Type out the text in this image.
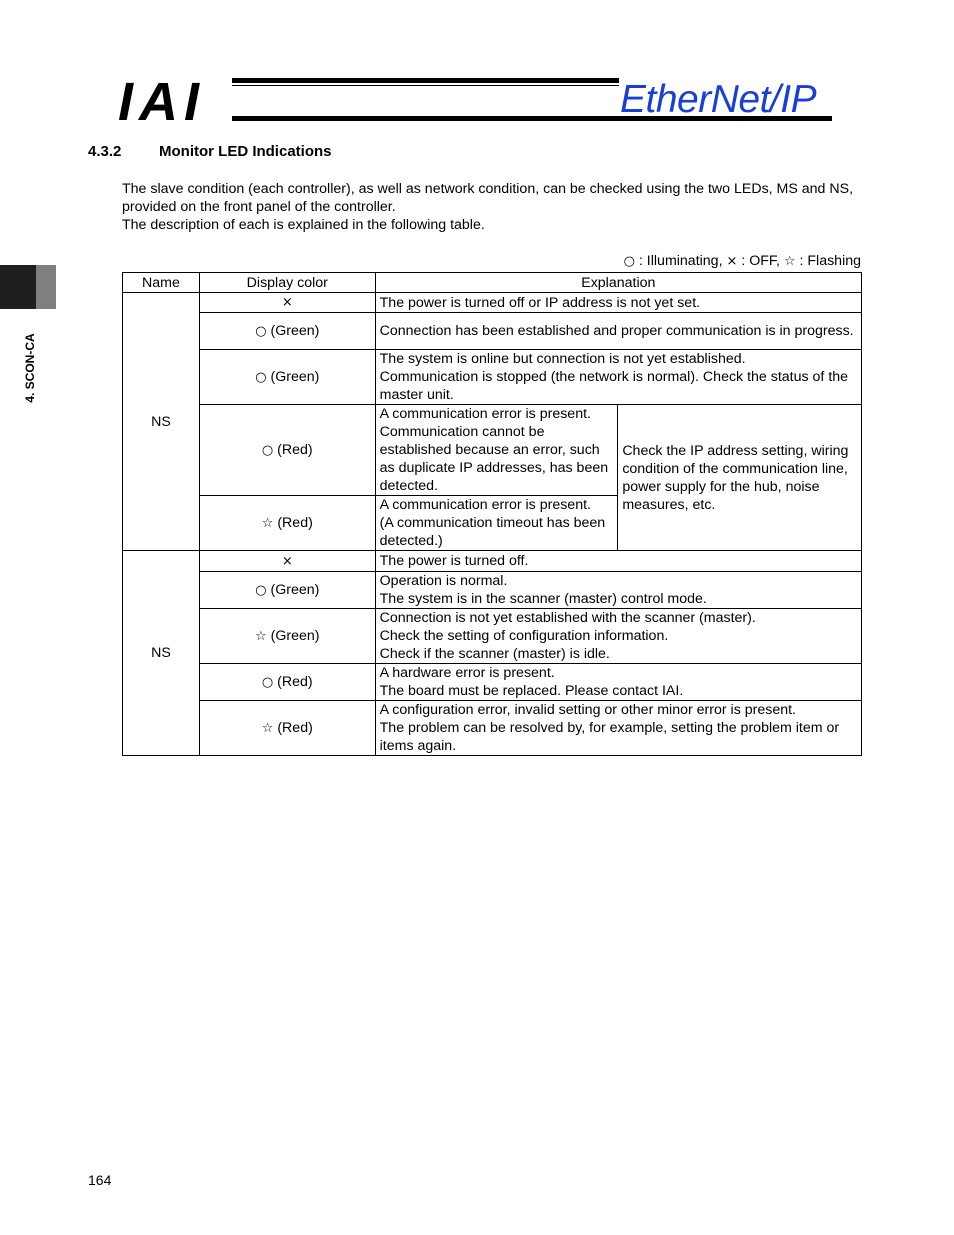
IAI	EtherNet/IP
4. SCON-CA
4.3.2	Monitor LED Indications

The slave condition (each controller), as well as network condition, can be checked using the two LEDs, MS and NS, provided on the front panel of the controller.

The description of each is explained in the following table.

○ : Illuminating, × : OFF, ☆ : Flashing
Name	Display color	Explanation	
NS	×	The power is turned off or IP address is not yet set.	
	○ (Green)	Connection has been established and proper communication is in progress.	
	○ (Green)	The system is online but connection is not yet established.
Communication is stopped (the network is normal). Check the status of the master unit.	

	○ (Red)	A communication error is present.
Communication cannot be established because an error, such as duplicate IP addresses, has been detected.	Check the IP address setting, wiring condition of the communication line, power supply for the hub, noise measures, etc.
	☆ (Red)	A communication error is present.
(A communication timeout has been detected.)	

NS	×	The power is turned off.	
	○ (Green)	Operation is normal.
The system is in the scanner (master) control mode.	

	☆ (Green)	Connection is not yet established with the scanner (master).
Check the setting of configuration information.
Check if the scanner (master) is idle.	

	○ (Red)	A hardware error is present.
The board must be replaced. Please contact IAI.	

	☆ (Red)	A configuration error, invalid setting or other minor error is present.
The problem can be resolved by, for example, setting the problem item or items again.	
164
